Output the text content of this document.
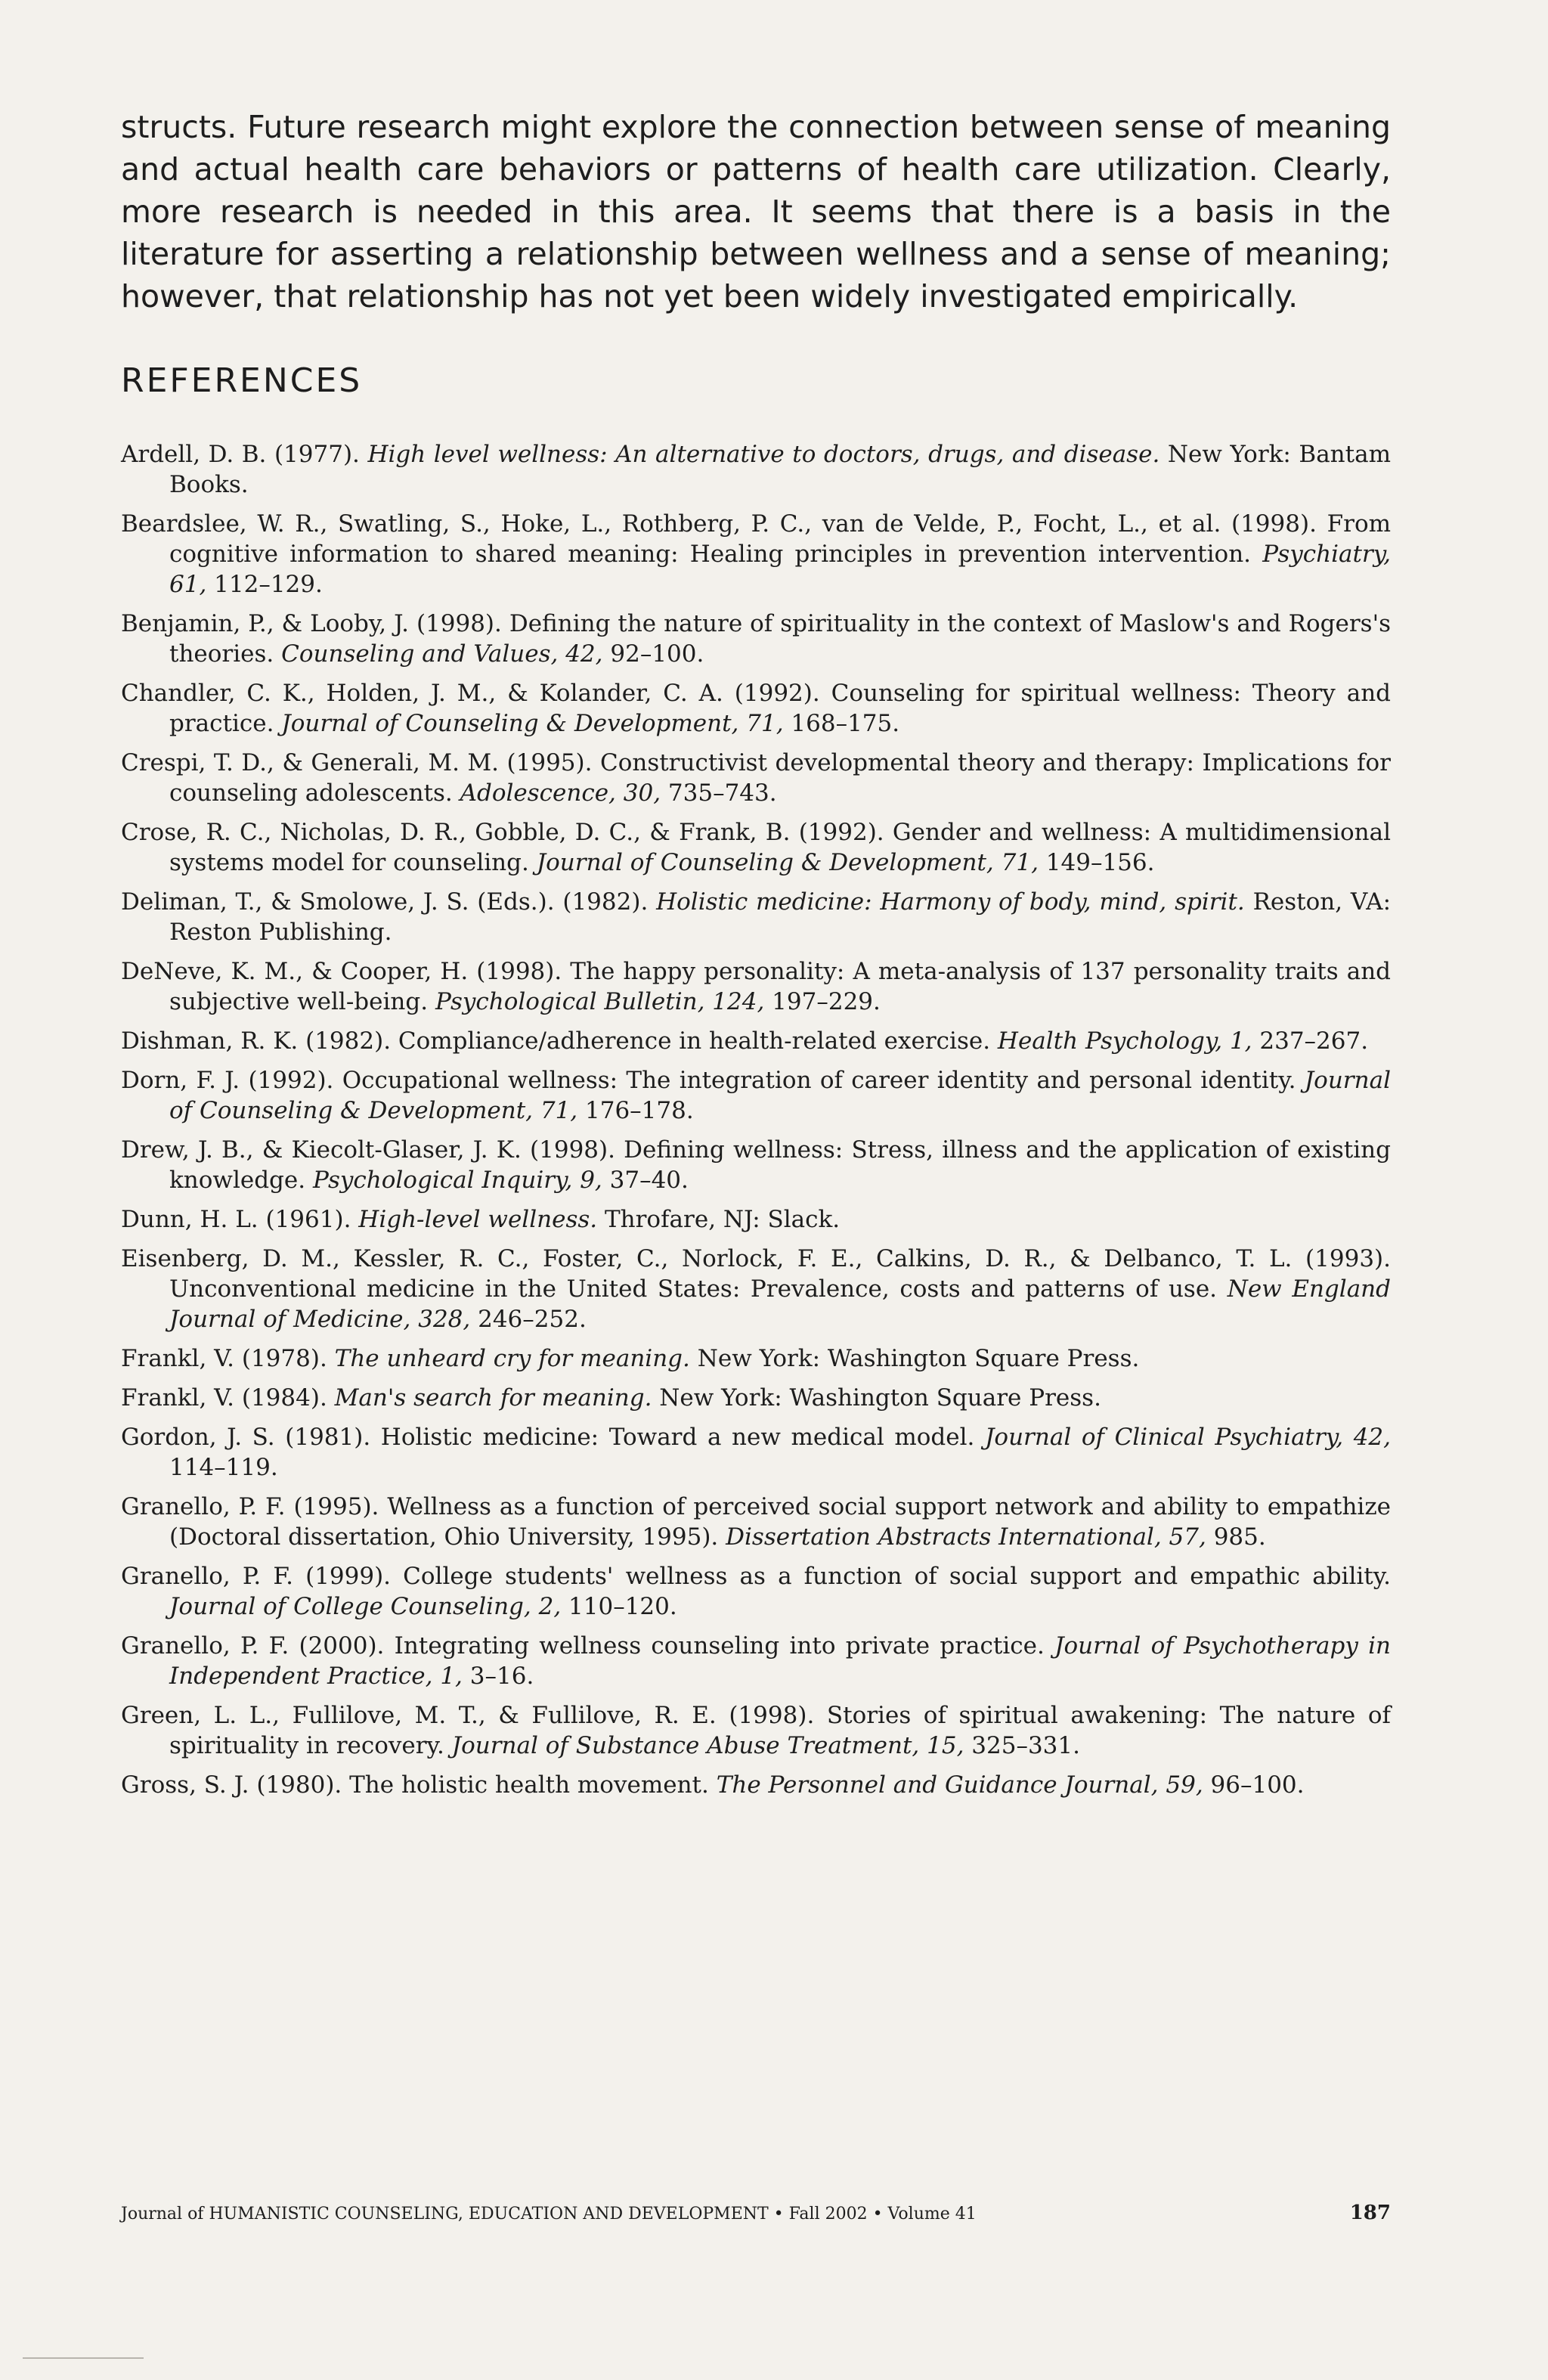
structs. Future research might explore the connection between sense of meaning and actual health care behaviors or patterns of health care utilization. Clearly, more research is needed in this area. It seems that there is a basis in the literature for asserting a relationship between wellness and a sense of meaning; however, that relationship has not yet been widely investigated empirically.

REFERENCES
Ardell, D. B. (1977). High level wellness: An alternative to doctors, drugs, and disease. New York: Bantam Books.
Beardslee, W. R., Swatling, S., Hoke, L., Rothberg, P. C., van de Velde, P., Focht, L., et al. (1998). From cognitive information to shared meaning: Healing principles in prevention intervention. Psychiatry, 61, 112–129.
Benjamin, P., & Looby, J. (1998). Defining the nature of spirituality in the context of Maslow's and Rogers's theories. Counseling and Values, 42, 92–100.
Chandler, C. K., Holden, J. M., & Kolander, C. A. (1992). Counseling for spiritual wellness: Theory and practice. Journal of Counseling & Development, 71, 168–175.
Crespi, T. D., & Generali, M. M. (1995). Constructivist developmental theory and therapy: Implications for counseling adolescents. Adolescence, 30, 735–743.
Crose, R. C., Nicholas, D. R., Gobble, D. C., & Frank, B. (1992). Gender and wellness: A multidimensional systems model for counseling. Journal of Counseling & Development, 71, 149–156.
Deliman, T., & Smolowe, J. S. (Eds.). (1982). Holistic medicine: Harmony of body, mind, spirit. Reston, VA: Reston Publishing.
DeNeve, K. M., & Cooper, H. (1998). The happy personality: A meta-analysis of 137 personality traits and subjective well-being. Psychological Bulletin, 124, 197–229.
Dishman, R. K. (1982). Compliance/adherence in health-related exercise. Health Psychology, 1, 237–267.
Dorn, F. J. (1992). Occupational wellness: The integration of career identity and personal identity. Journal of Counseling & Development, 71, 176–178.
Drew, J. B., & Kiecolt-Glaser, J. K. (1998). Defining wellness: Stress, illness and the application of existing knowledge. Psychological Inquiry, 9, 37–40.
Dunn, H. L. (1961). High-level wellness. Throfare, NJ: Slack.
Eisenberg, D. M., Kessler, R. C., Foster, C., Norlock, F. E., Calkins, D. R., & Delbanco, T. L. (1993). Unconventional medicine in the United States: Prevalence, costs and patterns of use. New England Journal of Medicine, 328, 246–252.
Frankl, V. (1978). The unheard cry for meaning. New York: Washington Square Press.
Frankl, V. (1984). Man's search for meaning. New York: Washington Square Press.
Gordon, J. S. (1981). Holistic medicine: Toward a new medical model. Journal of Clinical Psychiatry, 42, 114–119.
Granello, P. F. (1995). Wellness as a function of perceived social support network and ability to empathize (Doctoral dissertation, Ohio University, 1995). Dissertation Abstracts International, 57, 985.
Granello, P. F. (1999). College students' wellness as a function of social support and empathic ability. Journal of College Counseling, 2, 110–120.
Granello, P. F. (2000). Integrating wellness counseling into private practice. Journal of Psychotherapy in Independent Practice, 1, 3–16.
Green, L. L., Fullilove, M. T., & Fullilove, R. E. (1998). Stories of spiritual awakening: The nature of spirituality in recovery. Journal of Substance Abuse Treatment, 15, 325–331.
Gross, S. J. (1980). The holistic health movement. The Personnel and Guidance Journal, 59, 96–100.
Journal of HUMANISTIC COUNSELING, EDUCATION AND DEVELOPMENT • Fall 2002 • Volume 41	187
